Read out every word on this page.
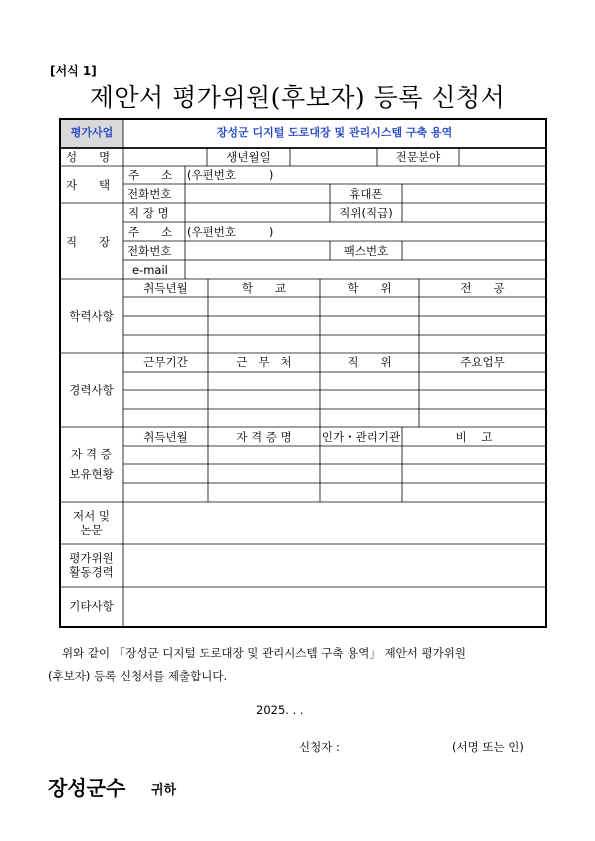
[서식 1]
제안서 평가위원(후보자) 등록 신청서
평가사업	장성군 디지털 도로대장 및 관리시스템 구축 용역
성      명	생년월일	전문분야
자      택
주      소 (우편번호         )
전화번호	휴대폰
직      장
직 장 명	직위(직급)
주      소 (우편번호         )
전화번호	팩스번호
e-mail
학력사항
취득년월	학      교	학      위	전      공
경력사항
근무기간	근   무   처	직      위	주요업무
자 격 증
보유현황
취득년월	자 격 증 명	인가・관리기관	비    고
저서 및
논문
평가위원
활동경력
기타사항
위와 같이 「장성군 디지털 도로대장 및 관리시스템 구축 용역」 제안서 평가위원
(후보자) 등록 신청서를 제출합니다.
2025. . .
신청자 :	(서명 또는 인)
장성군수 귀하
